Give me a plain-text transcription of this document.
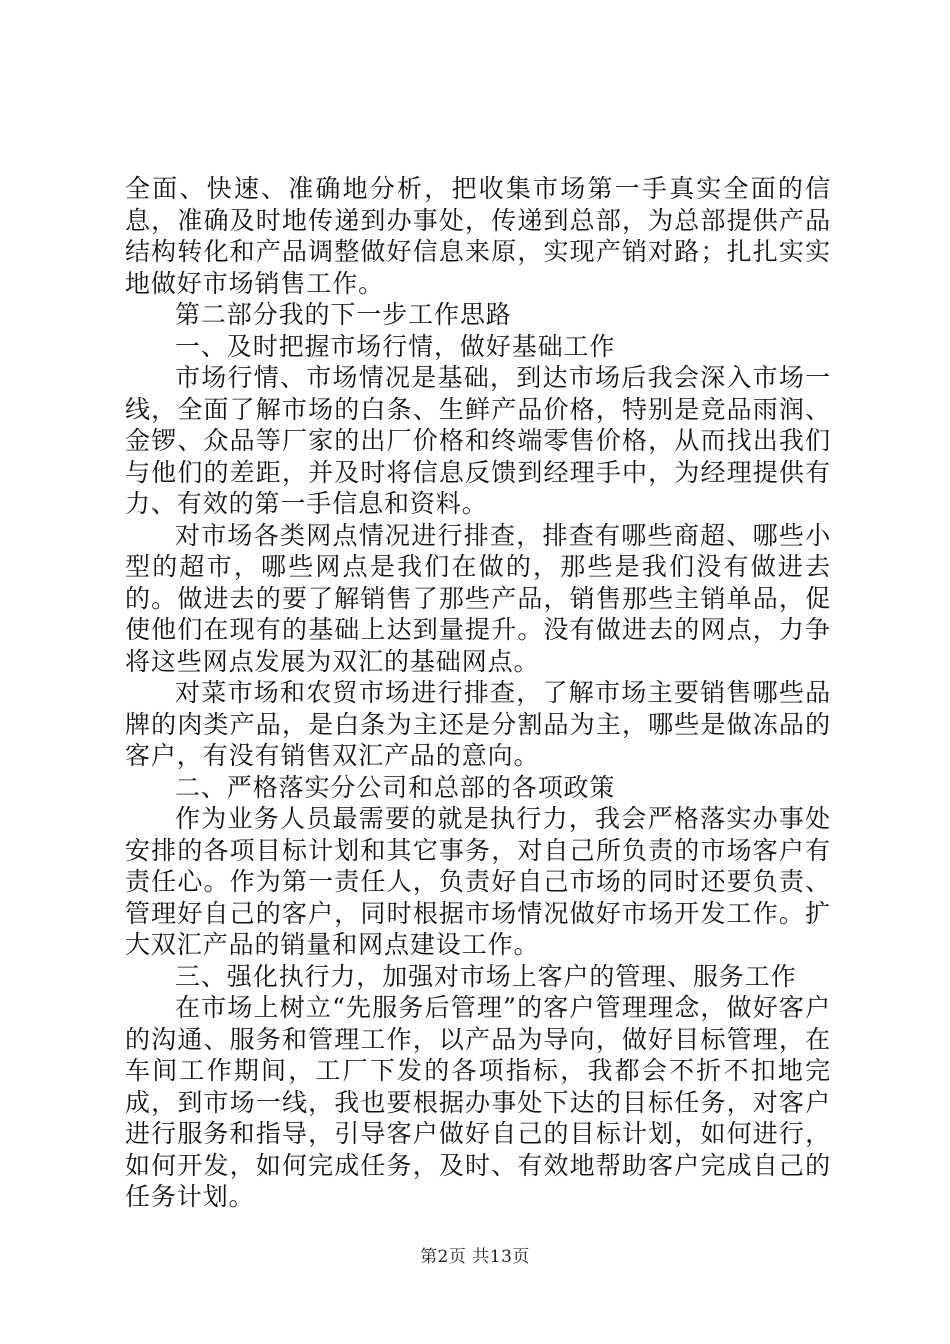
全面、快速、准确地分析，把收集市场第一手真实全面的信息，准确及时地传递到办事处，传递到总部，为总部提供产品结构转化和产品调整做好信息来原，实现产销对路；扎扎实实地做好市场销售工作。

第二部分我的下一步工作思路

一、及时把握市场行情，做好基础工作

市场行情、市场情况是基础，到达市场后我会深入市场一线，全面了解市场的白条、生鲜产品价格，特别是竞品雨润、金锣、众品等厂家的出厂价格和终端零售价格，从而找出我们与他们的差距，并及时将信息反馈到经理手中，为经理提供有力、有效的第一手信息和资料。

对市场各类网点情况进行排查，排查有哪些商超、哪些小型的超市，哪些网点是我们在做的，那些是我们没有做进去的。做进去的要了解销售了那些产品，销售那些主销单品，促使他们在现有的基础上达到量提升。没有做进去的网点，力争将这些网点发展为双汇的基础网点。

对菜市场和农贸市场进行排查，了解市场主要销售哪些品牌的肉类产品，是白条为主还是分割品为主，哪些是做冻品的客户，有没有销售双汇产品的意向。

二、严格落实分公司和总部的各项政策

作为业务人员最需要的就是执行力，我会严格落实办事处安排的各项目标计划和其它事务，对自己所负责的市场客户有责任心。作为第一责任人，负责好自己市场的同时还要负责、管理好自己的客户，同时根据市场情况做好市场开发工作。扩大双汇产品的销量和网点建设工作。

三、强化执行力，加强对市场上客户的管理、服务工作

在市场上树立“先服务后管理”的客户管理理念，做好客户的沟通、服务和管理工作，以产品为导向，做好目标管理，在车间工作期间，工厂下发的各项指标，我都会不折不扣地完成，到市场一线，我也要根据办事处下达的目标任务，对客户进行服务和指导，引导客户做好自己的目标计划，如何进行，如何开发，如何完成任务，及时、有效地帮助客户完成自己的任务计划。

第2页 共13页
